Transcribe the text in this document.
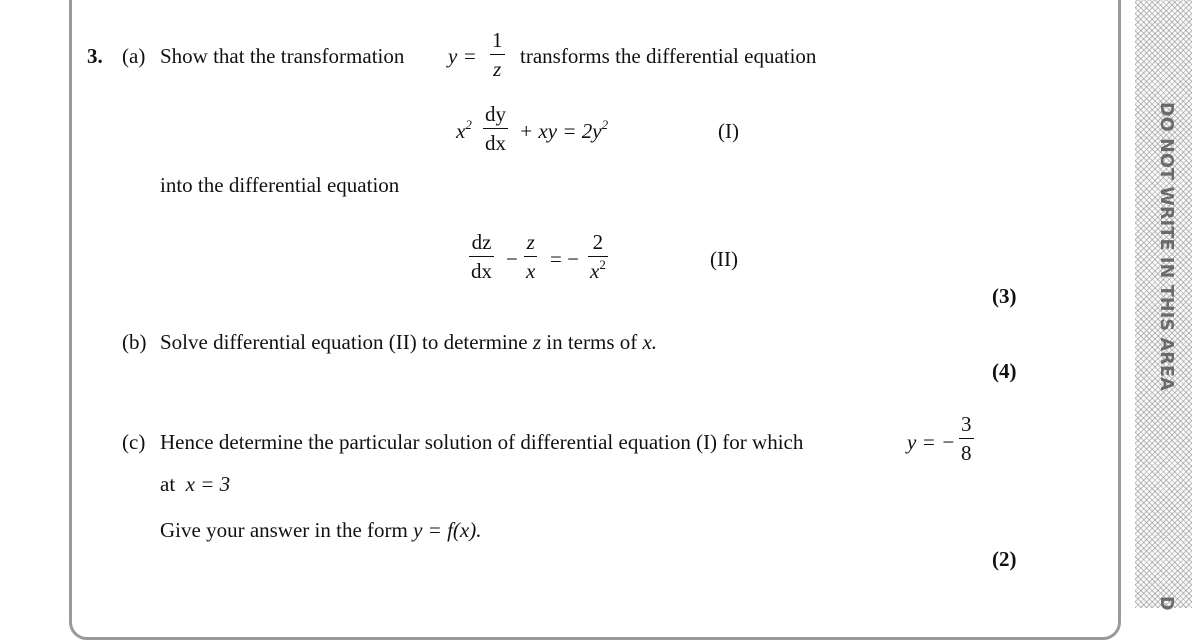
DO NOT WRITE IN THIS AREA
D
3. (a) Show that the transformation y =
1
z
transforms the differential equation
$x^2$ dy
dx + xy = $2y^2$	(I)
into the differential equation
dz
dx −
z
x = −
2
$x^2$	(II)
(3)
(b) Solve differential equation (II) to determine z in terms of x.
(4)
(c) Hence determine the particular solution of differential equation (I) for which	y = −
3
8
at x = 3
Give your answer in the form y = f(x).
(2)
